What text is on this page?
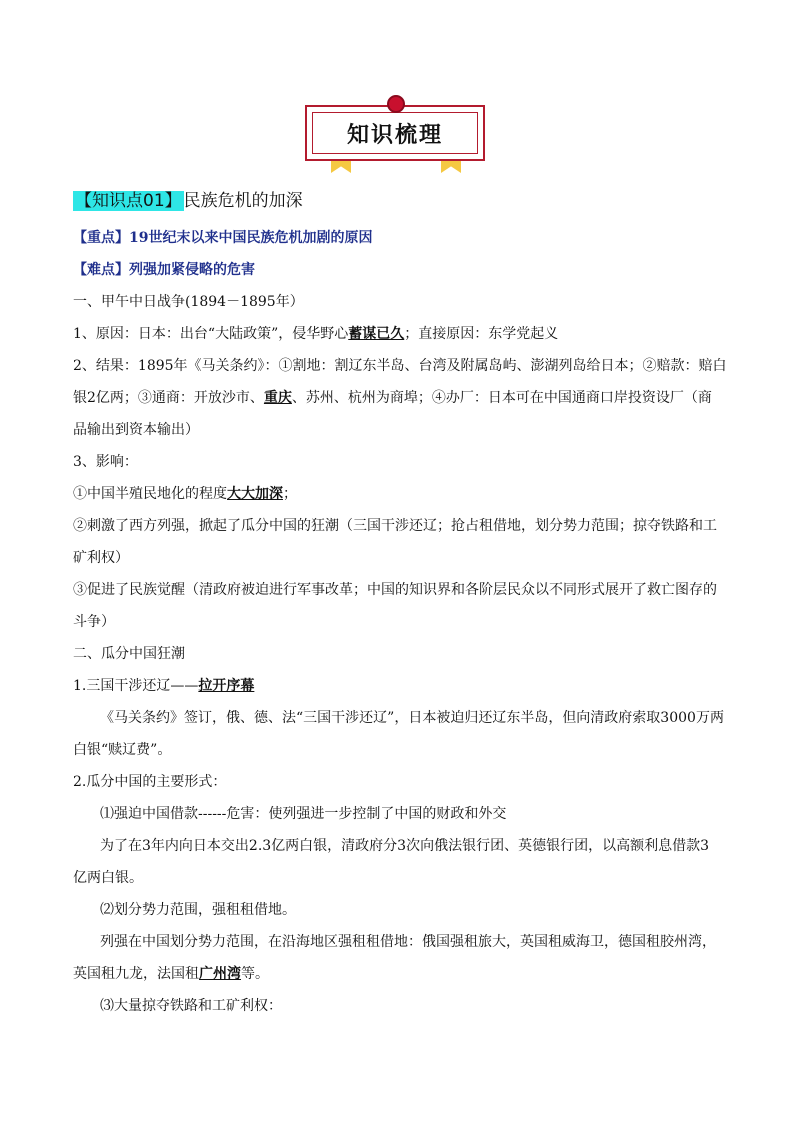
知识梳理
【知识点01】 民族危机的加深
【重点】19世纪末以来中国民族危机加剧的原因
【难点】列强加紧侵略的危害
一、甲午中日战争(1894－1895年）
1、原因：日本：出台“大陆政策”，侵华野心蓄谋已久；直接原因：东学党起义
2、结果：1895年《马关条约》：①割地：割辽东半岛、台湾及附属岛屿、澎湖列岛给日本；②赔款：赔白
银2亿两；③通商：开放沙市、重庆、苏州、杭州为商埠；④办厂：日本可在中国通商口岸投资设厂（商
品输出到资本输出）
3、影响：
①中国半殖民地化的程度大大加深；
②刺激了西方列强，掀起了瓜分中国的狂潮（三国干涉还辽；抢占租借地，划分势力范围；掠夺铁路和工
矿利权）
③促进了民族觉醒（清政府被迫进行军事改革；中国的知识界和各阶层民众以不同形式展开了救亡图存的
斗争）
二、瓜分中国狂潮
1.三国干涉还辽——拉开序幕
《马关条约》签订，俄、德、法“三国干涉还辽”，日本被迫归还辽东半岛，但向清政府索取3000万两
白银“赎辽费”。
2.瓜分中国的主要形式：
⑴强迫中国借款------危害：使列强进一步控制了中国的财政和外交
为了在3年内向日本交出2.3亿两白银，清政府分3次向俄法银行团、英德银行团，以高额利息借款3
亿两白银。
⑵划分势力范围，强租租借地。
列强在中国划分势力范围，在沿海地区强租租借地：俄国强租旅大，英国租威海卫，德国租胶州湾，
英国租九龙，法国租广州湾等。
⑶大量掠夺铁路和工矿利权：
